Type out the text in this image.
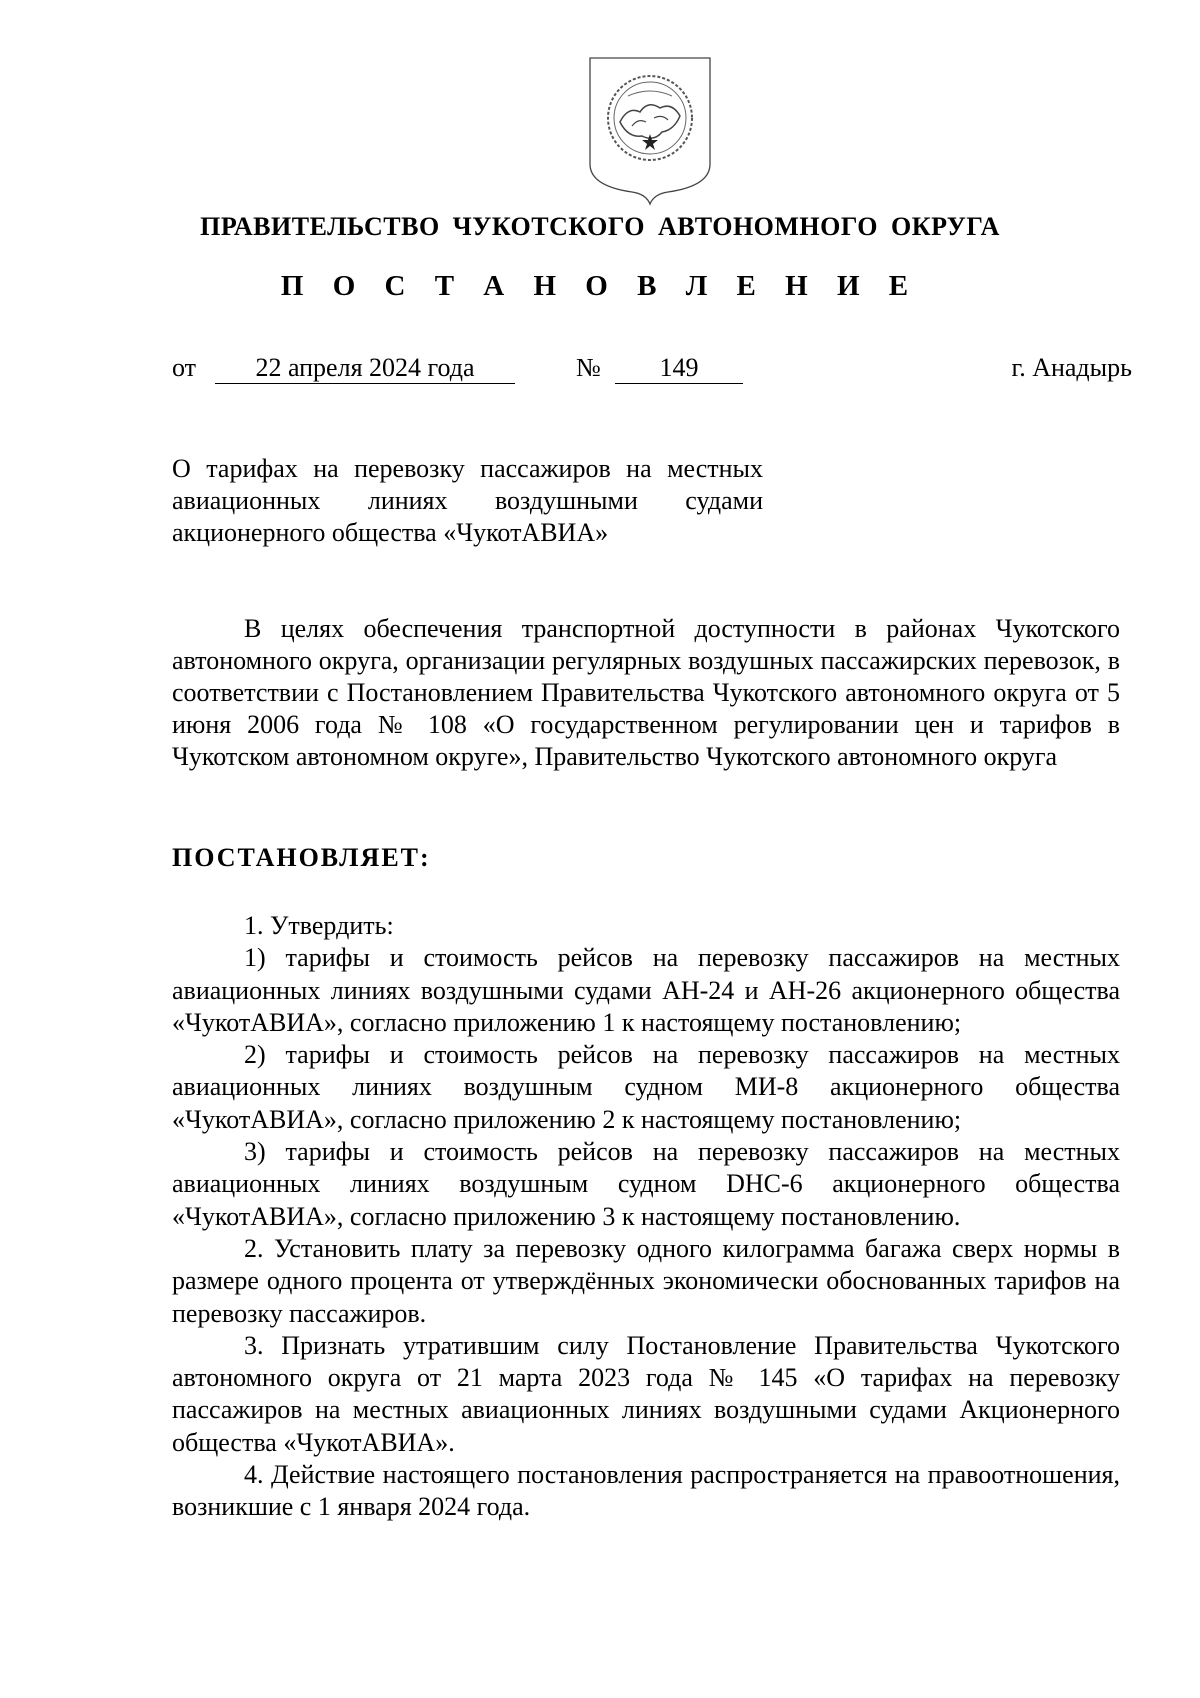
ПРАВИТЕЛЬСТВО ЧУКОТСКОГО АВТОНОМНОГО ОКРУГА
П О С Т А Н О В Л Е Н И Е
от	22 апреля 2024 года	№	149	г. Анадырь
О тарифах на перевозку пассажиров на местных
авиационных линиях воздушными судами
акционерного общества «ЧукотАВИА»

В целях обеспечения транспортной доступности в районах Чукотского автономного округа, организации регулярных воздушных пассажирских перевозок, в соответствии с Постановлением Правительства Чукотского автономного округа от 5 июня 2006 года № 108 «О государственном регулировании цен и тарифов в Чукотском автономном округе», Правительство Чукотского автономного округа

ПОСТАНОВЛЯЕТ:

1. Утвердить:

1) тарифы и стоимость рейсов на перевозку пассажиров на местных авиационных линиях воздушными судами АН-24 и АН-26 акционерного общества «ЧукотАВИА», согласно приложению 1 к настоящему постановлению;

2) тарифы и стоимость рейсов на перевозку пассажиров на местных авиационных линиях воздушным судном МИ-8 акционерного общества «ЧукотАВИА», согласно приложению 2 к настоящему постановлению;

3) тарифы и стоимость рейсов на перевозку пассажиров на местных авиационных линиях воздушным судном DHC-6 акционерного общества «ЧукотАВИА», согласно приложению 3 к настоящему постановлению.

2. Установить плату за перевозку одного килограмма багажа сверх нормы в размере одного процента от утверждённых экономически обоснованных тарифов на перевозку пассажиров.

3. Признать утратившим силу Постановление Правительства Чукотского автономного округа от 21 марта 2023 года № 145 «О тарифах на перевозку пассажиров на местных авиационных линиях воздушными судами Акционерного общества «ЧукотАВИА».

4. Действие настоящего постановления распространяется на правоотношения, возникшие с 1 января 2024 года.
